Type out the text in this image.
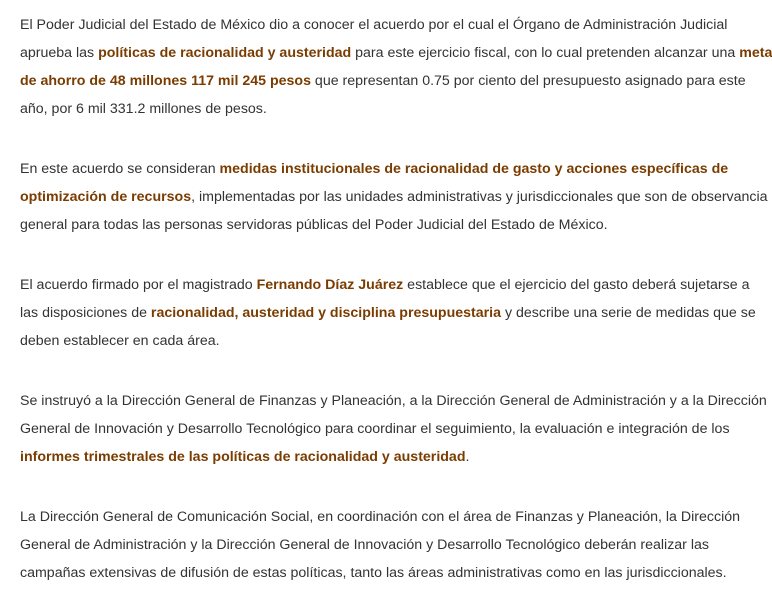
El Poder Judicial del Estado de México dio a conocer el acuerdo por el cual el Órgano de Administración Judicial
aprueba las políticas de racionalidad y austeridad para este ejercicio fiscal, con lo cual pretenden alcanzar una meta
de ahorro de 48 millones 117 mil 245 pesos que representan 0.75 por ciento del presupuesto asignado para este
año, por 6 mil 331.2 millones de pesos.

En este acuerdo se consideran medidas institucionales de racionalidad de gasto y acciones específicas de
optimización de recursos, implementadas por las unidades administrativas y jurisdiccionales que son de observancia
general para todas las personas servidoras públicas del Poder Judicial del Estado de México.

El acuerdo firmado por el magistrado Fernando Díaz Juárez establece que el ejercicio del gasto deberá sujetarse a
las disposiciones de racionalidad, austeridad y disciplina presupuestaria y describe una serie de medidas que se
deben establecer en cada área.

Se instruyó a la Dirección General de Finanzas y Planeación, a la Dirección General de Administración y a la Dirección
General de Innovación y Desarrollo Tecnológico para coordinar el seguimiento, la evaluación e integración de los
informes trimestrales de las políticas de racionalidad y austeridad.

La Dirección General de Comunicación Social, en coordinación con el área de Finanzas y Planeación, la Dirección
General de Administración y la Dirección General de Innovación y Desarrollo Tecnológico deberán realizar las
campañas extensivas de difusión de estas políticas, tanto las áreas administrativas como en las jurisdiccionales.
